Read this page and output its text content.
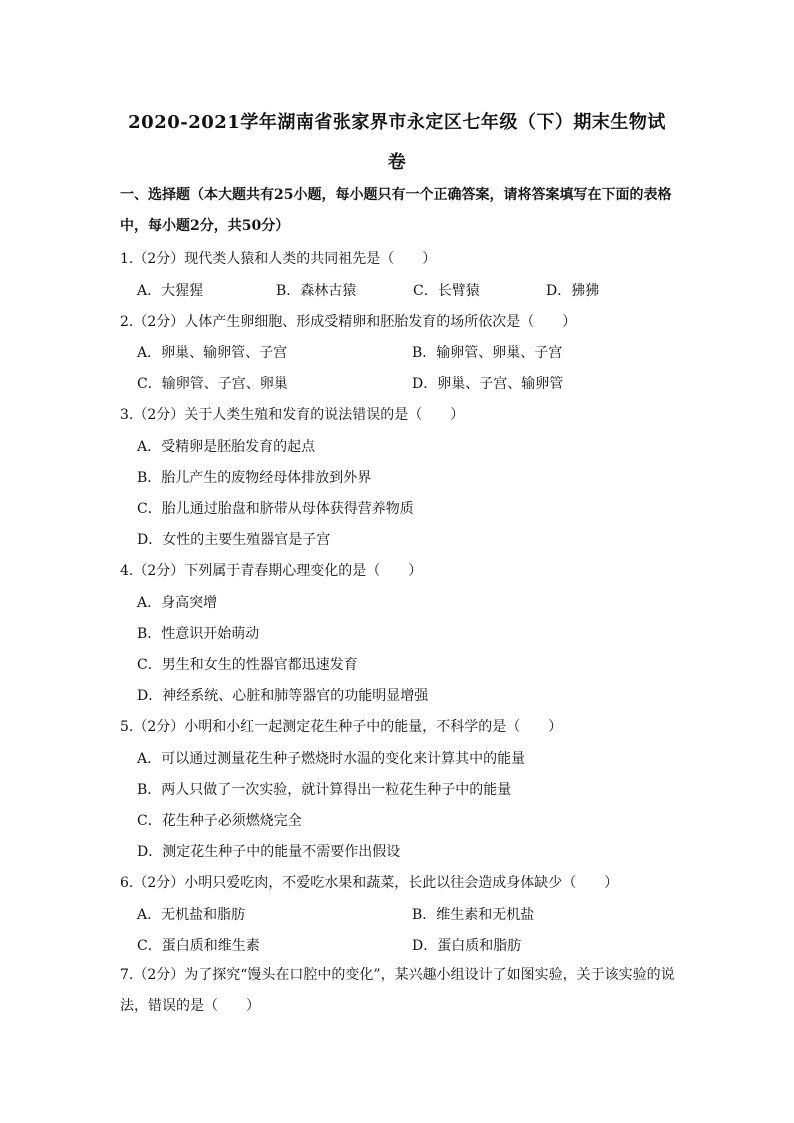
2020-2021学年湖南省张家界市永定区七年级（下）期末生物试
卷
一、选择题（本大题共有25小题，每小题只有一个正确答案，请将答案填写在下面的表格中，每小题2分，共50分）
1.（2分）现代类人猿和人类的共同祖先是（　　）
A．大猩猩	B．森林古猿	C．长臂猿	D．狒狒
2.（2分）人体产生卵细胞、形成受精卵和胚胎发育的场所依次是（　　）
A．卵巢、输卵管、子宫	B．输卵管、卵巢、子宫
C．输卵管、子宫、卵巢	D．卵巢、子宫、输卵管
3.（2分）关于人类生殖和发育的说法错误的是（　　）
A．受精卵是胚胎发育的起点
B．胎儿产生的废物经母体排放到外界
C．胎儿通过胎盘和脐带从母体获得营养物质
D．女性的主要生殖器官是子宫
4.（2分）下列属于青春期心理变化的是（　　）
A．身高突增
B．性意识开始萌动
C．男生和女生的性器官都迅速发育
D．神经系统、心脏和肺等器官的功能明显增强
5.（2分）小明和小红一起测定花生种子中的能量，不科学的是（　　）
A．可以通过测量花生种子燃烧时水温的变化来计算其中的能量
B．两人只做了一次实验，就计算得出一粒花生种子中的能量
C．花生种子必须燃烧完全
D．测定花生种子中的能量不需要作出假设
6.（2分）小明只爱吃肉，不爱吃水果和蔬菜，长此以往会造成身体缺少（　　）
A．无机盐和脂肪	B．维生素和无机盐
C．蛋白质和维生素	D．蛋白质和脂肪
7.（2分）为了探究“馒头在口腔中的变化”，某兴趣小组设计了如图实验，关于该实验的说法，错误的是（　　）
